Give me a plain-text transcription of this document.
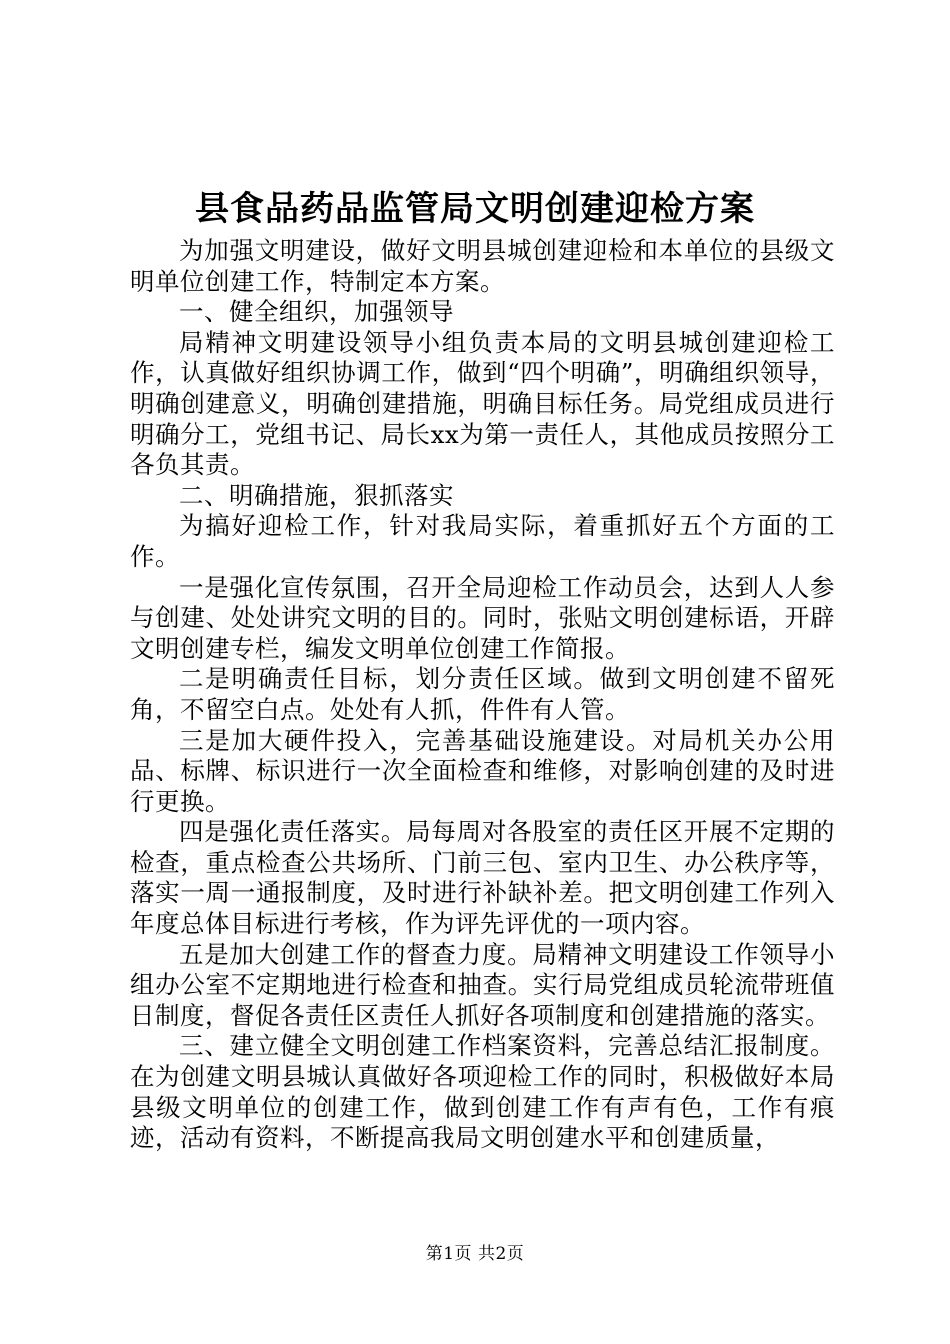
县食品药品监管局文明创建迎检方案

为加强文明建设，做好文明县城创建迎检和本单位的县级文明单位创建工作，特制定本方案。

一、健全组织，加强领导

局精神文明建设领导小组负责本局的文明县城创建迎检工作，认真做好组织协调工作，做到“四个明确”，明确组织领导，明确创建意义，明确创建措施，明确目标任务。局党组成员进行明确分工，党组书记、局长xx为第一责任人，其他成员按照分工各负其责。

二、明确措施，狠抓落实

为搞好迎检工作，针对我局实际，着重抓好五个方面的工作。

一是强化宣传氛围，召开全局迎检工作动员会，达到人人参与创建、处处讲究文明的目的。同时，张贴文明创建标语，开辟文明创建专栏，编发文明单位创建工作简报。

二是明确责任目标，划分责任区域。做到文明创建不留死角，不留空白点。处处有人抓，件件有人管。

三是加大硬件投入，完善基础设施建设。对局机关办公用品、标牌、标识进行一次全面检查和维修，对影响创建的及时进行更换。

四是强化责任落实。局每周对各股室的责任区开展不定期的检查，重点检查公共场所、门前三包、室内卫生、办公秩序等，落实一周一通报制度，及时进行补缺补差。把文明创建工作列入年度总体目标进行考核，作为评先评优的一项内容。

五是加大创建工作的督查力度。局精神文明建设工作领导小组办公室不定期地进行检查和抽查。实行局党组成员轮流带班值日制度，督促各责任区责任人抓好各项制度和创建措施的落实。

三、建立健全文明创建工作档案资料，完善总结汇报制度。在为创建文明县城认真做好各项迎检工作的同时，积极做好本局县级文明单位的创建工作，做到创建工作有声有色，工作有痕迹，活动有资料，不断提高我局文明创建水平和创建质量，

第1页 共2页
